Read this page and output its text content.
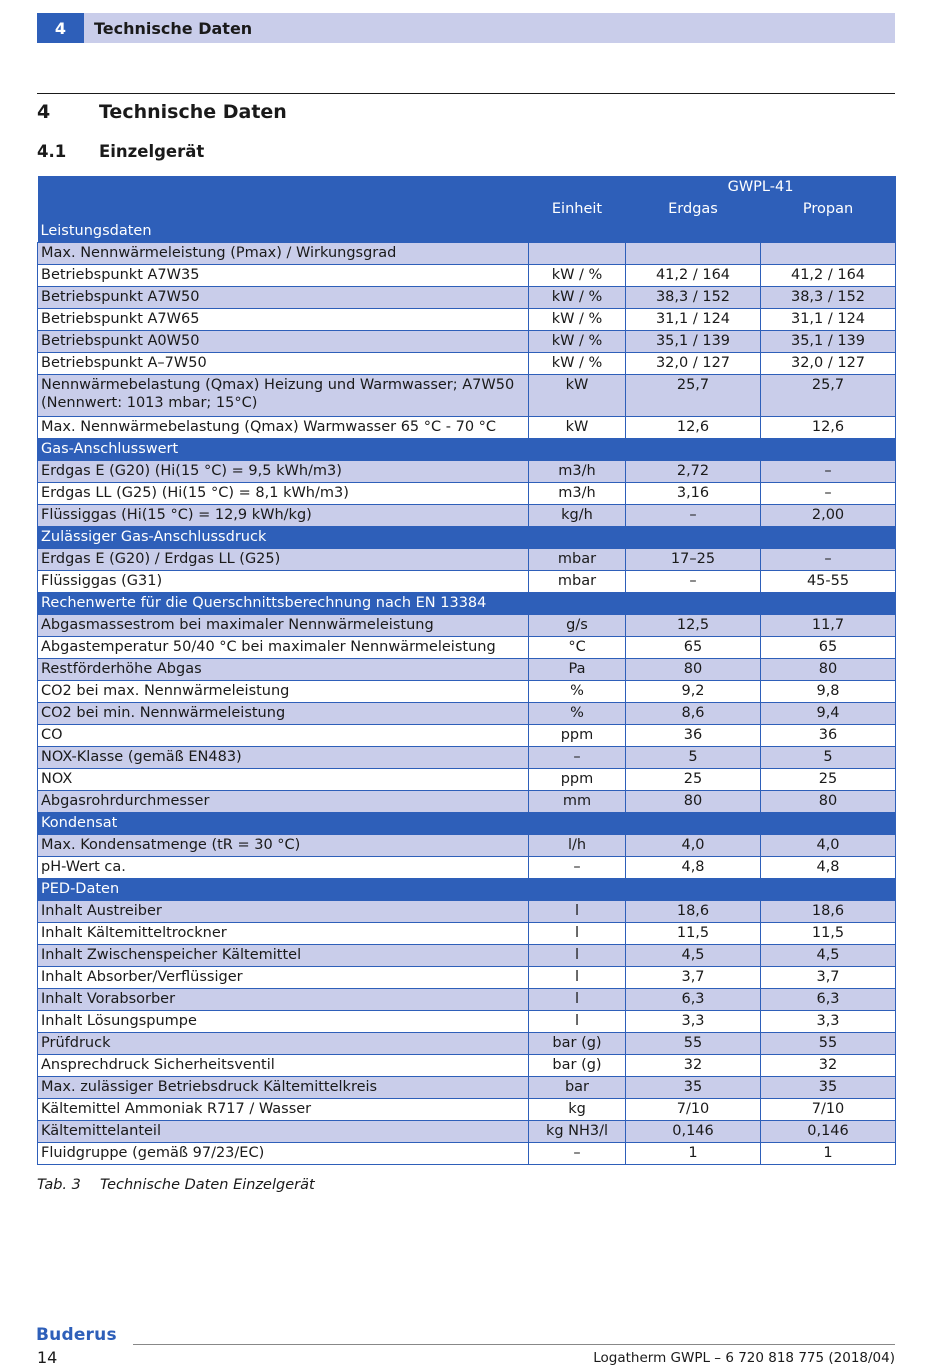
4	Technische Daten
4	Technische Daten
4.1	Einzelgerät
		GWPL-41	
	Einheit	Erdgas	Propan
Leistungsdaten			
Max. Nennwärmeleistung (Pmax) / Wirkungsgrad			
Betriebspunkt A7W35	kW / %	41,2 / 164	41,2 / 164
Betriebspunkt A7W50	kW / %	38,3 / 152	38,3 / 152
Betriebspunkt A7W65	kW / %	31,1 / 124	31,1 / 124
Betriebspunkt A0W50	kW / %	35,1 / 139	35,1 / 139
Betriebspunkt A–7W50	kW / %	32,0 / 127	32,0 / 127
Nennwärmebelastung (Qmax) Heizung und Warmwasser; A7W50 (Nennwert: 1013 mbar; 15°C)	kW	25,7	25,7
Max. Nennwärmebelastung (Qmax) Warmwasser 65 °C - 70 °C	kW	12,6	12,6
Gas-Anschlusswert			
Erdgas E (G20) (Hi(15 °C) = 9,5 kWh/m3)	m3/h	2,72	–
Erdgas LL (G25) (Hi(15 °C) = 8,1 kWh/m3)	m3/h	3,16	–
Flüssiggas (Hi(15 °C) = 12,9 kWh/kg)	kg/h	–	2,00
Zulässiger Gas-Anschlussdruck			
Erdgas E (G20) / Erdgas LL (G25)	mbar	17–25	–
Flüssiggas (G31)	mbar	–	45-55
Rechenwerte für die Querschnittsberechnung nach EN 13384			
Abgasmassestrom bei maximaler Nennwärmeleistung	g/s	12,5	11,7
Abgastemperatur 50/40 °C bei maximaler Nennwärmeleistung	°C	65	65
Restförderhöhe Abgas	Pa	80	80
CO2 bei max. Nennwärmeleistung	%	9,2	9,8
CO2 bei min. Nennwärmeleistung	%	8,6	9,4
CO	ppm	36	36
NOX-Klasse (gemäß EN483)	–	5	5
NOX	ppm	25	25
Abgasrohrdurchmesser	mm	80	80
Kondensat			
Max. Kondensatmenge (tR = 30 °C)	l/h	4,0	4,0
pH-Wert ca.	–	4,8	4,8
PED-Daten			
Inhalt Austreiber	l	18,6	18,6
Inhalt Kältemitteltrockner	l	11,5	11,5
Inhalt Zwischenspeicher Kältemittel	l	4,5	4,5
Inhalt Absorber/Verflüssiger	l	3,7	3,7
Inhalt Vorabsorber	l	6,3	6,3
Inhalt Lösungspumpe	l	3,3	3,3
Prüfdruck	bar (g)	55	55
Ansprechdruck Sicherheitsventil	bar (g)	32	32
Max. zulässiger Betriebsdruck Kältemittelkreis	bar	35	35
Kältemittel Ammoniak R717 / Wasser	kg	7/10	7/10
Kältemittelanteil	kg NH3/l	0,146	0,146
Fluidgruppe (gemäß 97/23/EC)	–	1	1
Tab. 3	Technische Daten Einzelgerät
Buderus
14	Logatherm GWPL – 6 720 818 775 (2018/04)
